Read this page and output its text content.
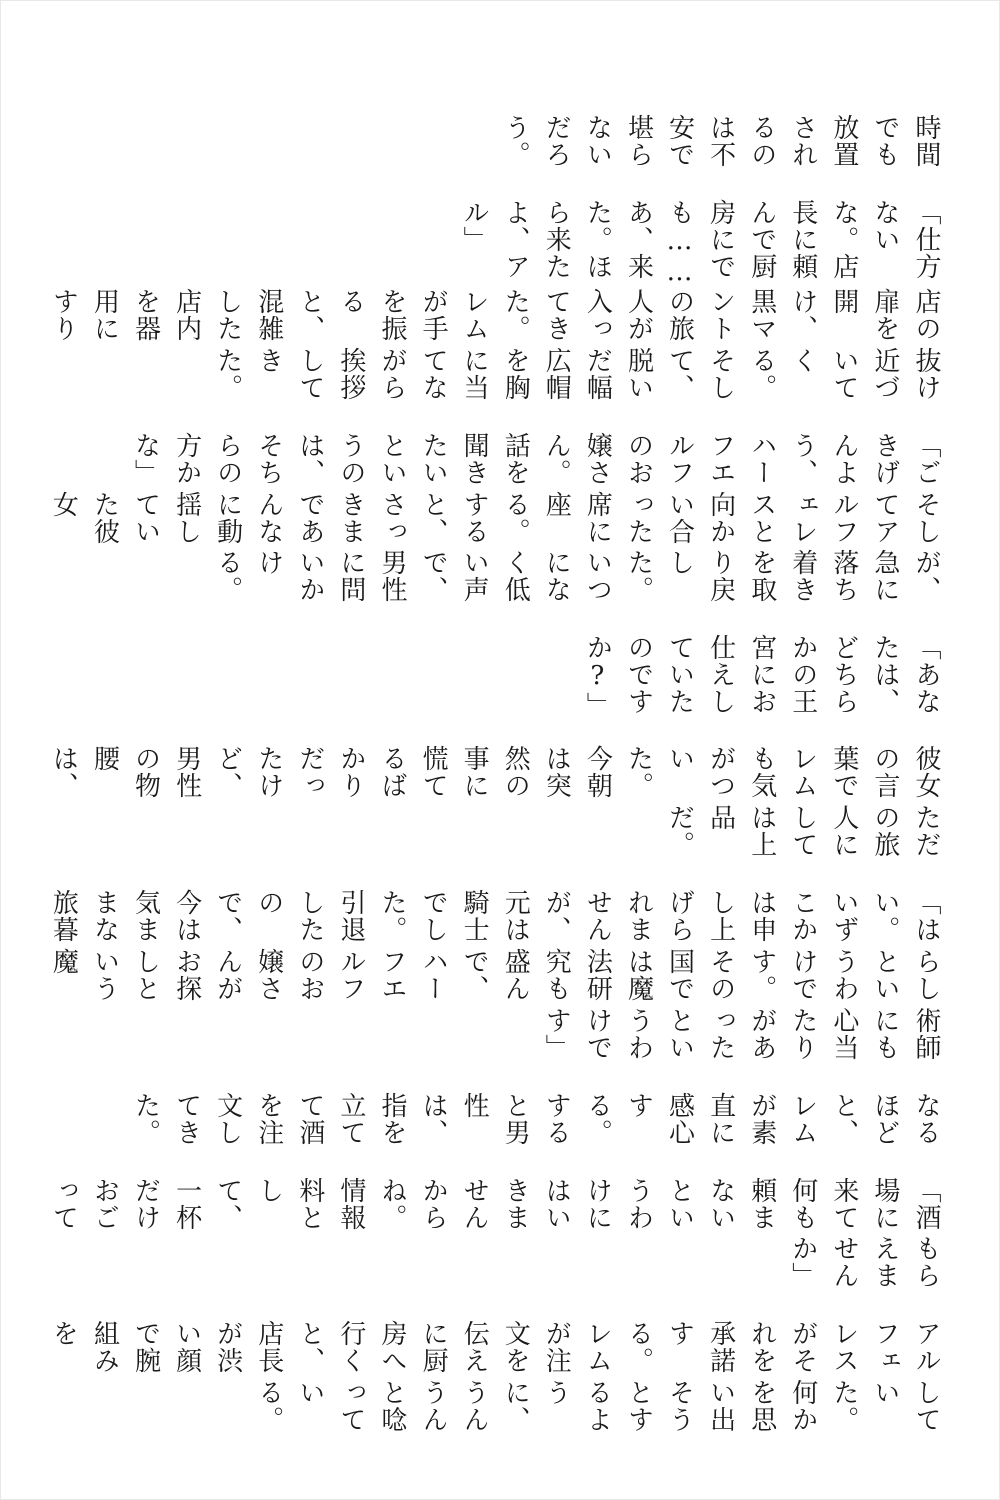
時間でも放置されるのは不安で堪らないだろう。
「仕方ないな。店長に頼んで厨房にでも……あ、来た。ほら来たよ、アル」
店の扉を開け、黒マントの旅人が入ってきた。レムが手を振ると、混雑した店内を器用にすり
抜け近づいてくる。そして、脱いだ幅広帽を胸に当てながら挨拶してきた。
「ごきげんよう、ハーフエルフのお嬢さん。話を聞きたいというのは、そちらの方かな」
そしてアルフェレスと向かい合った席に座る。すると、さっきまであんなに動揺していた彼女
が、急に落ち着きを取り戻した。いつになく低い声で、男性に問いかける。
「あなたは、どちらかの王宮にお仕えしていたのですか?」
彼女の言葉でレムも気がついた。今朝は突然の事に慌てるばかりだったけど、男性の物腰は、
ただの旅人にしては上品だ。
「はい。いずこかは申し上げられませんが、元は騎士でした。引退したので、今は気ままな旅暮
らしというわけです。その国では魔法研究も盛んで、ハーフエルフのお嬢さんがお探しという魔
術師にも心当たりがあったというわけです」
なるほどと、レムが素直に感心する。すると男性は、指を立てて酒を注文してきた。
「酒場に来て何も頼まないというわけにはいきませんからね。情報料として、一杯だけおごって
もらえませんか」
アルフェレスがそれを承諾する。レムが注文を伝えに厨房へ行くと、店長が渋い顔で腕組みを
していた。何かを思い出そうとするように、うんうんと唸っている。
